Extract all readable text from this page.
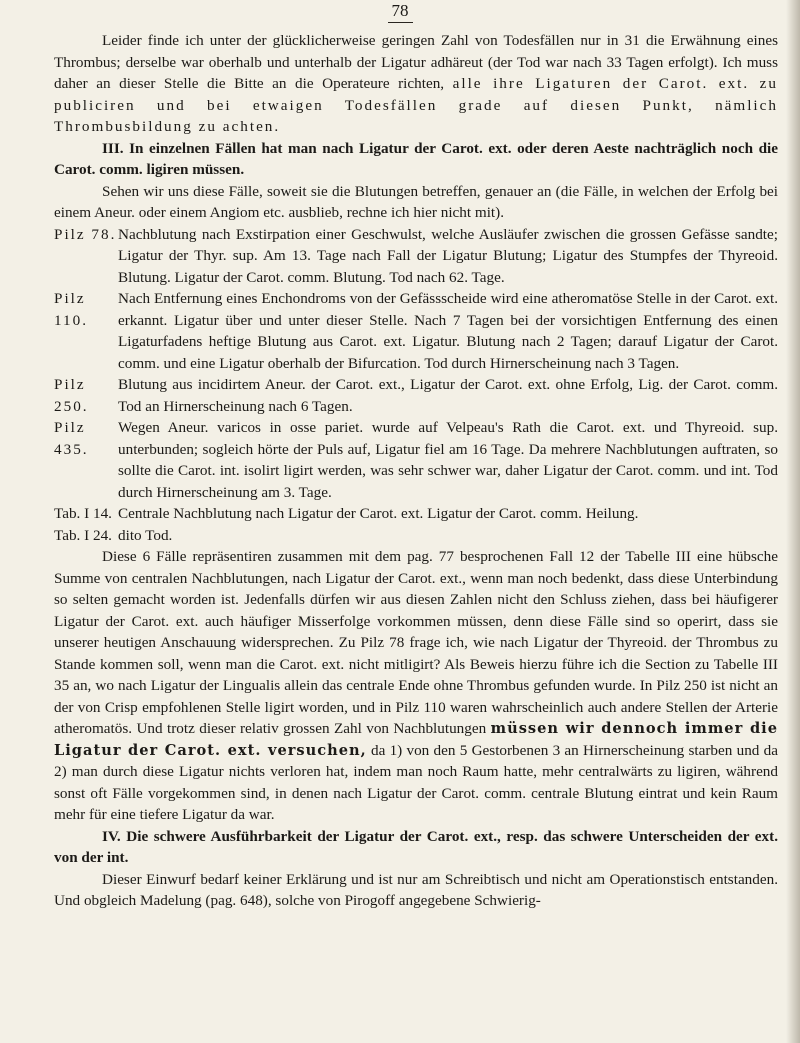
78

Leider finde ich unter der glücklicherweise geringen Zahl von Todesfällen nur in 31 die Erwähnung eines Thrombus; derselbe war oberhalb und unterhalb der Ligatur adhäreut (der Tod war nach 33 Tagen erfolgt). Ich muss daher an dieser Stelle die Bitte an die Operateure richten, alle ihre Ligaturen der Carot. ext. zu publiciren und bei etwaigen Todesfällen grade auf diesen Punkt, nämlich Thrombusbildung zu achten.

III. In einzelnen Fällen hat man nach Ligatur der Carot. ext. oder deren Aeste nachträglich noch die Carot. comm. ligiren müssen.

Sehen wir uns diese Fälle, soweit sie die Blutungen betreffen, genauer an (die Fälle, in welchen der Erfolg bei einem Aneur. oder einem Angiom etc. ausblieb, rechne ich hier nicht mit).

Pilz 78. Nachblutung nach Exstirpation einer Geschwulst, welche Ausläufer zwischen die grossen Gefässe sandte; Ligatur der Thyr. sup. Am 13. Tage nach Fall der Ligatur Blutung; Ligatur des Stumpfes der Thyreoid. Blutung. Ligatur der Carot. comm. Blutung. Tod nach 62. Tage.
Pilz 110.
Nach Entfernung eines Enchondroms von der Gefässscheide wird eine atheromatöse Stelle in der Carot. ext. erkannt. Ligatur über und unter dieser Stelle. Nach 7 Tagen bei der vorsichtigen Entfernung des einen Ligaturfadens heftige Blutung aus Carot. ext. Ligatur. Blutung nach 2 Tagen; darauf Ligatur der Carot. comm. und eine Ligatur oberhalb der Bifurcation. Tod durch Hirnerscheinung nach 3 Tagen.
Pilz 250.
Blutung aus incidirtem Aneur. der Carot. ext., Ligatur der Carot. ext. ohne Erfolg, Lig. der Carot. comm. Tod an Hirnerscheinung nach 6 Tagen.
Pilz 435.
Wegen Aneur. varicos in osse pariet. wurde auf Velpeau's Rath die Carot. ext. und Thyreoid. sup. unterbunden; sogleich hörte der Puls auf, Ligatur fiel am 16 Tage. Da mehrere Nachblutungen auftraten, so sollte die Carot. int. isolirt ligirt werden, was sehr schwer war, daher Ligatur der Carot. comm. und int. Tod durch Hirnerscheinung am 3. Tage.
Tab. I 14. Centrale Nachblutung nach Ligatur der Carot. ext. Ligatur der Carot. comm. Heilung.
Tab. I 24. dito Tod.

Diese 6 Fälle repräsentiren zusammen mit dem pag. 77 besprochenen Fall 12 der Tabelle III eine hübsche Summe von centralen Nachblutungen, nach Ligatur der Carot. ext., wenn man noch bedenkt, dass diese Unterbindung so selten gemacht worden ist. Jedenfalls dürfen wir aus diesen Zahlen nicht den Schluss ziehen, dass bei häufigerer Ligatur der Carot. ext. auch häufiger Misserfolge vorkommen müssen, denn diese Fälle sind so operirt, dass sie unserer heutigen Anschauung widersprechen. Zu Pilz 78 frage ich, wie nach Ligatur der Thyreoid. der Thrombus zu Stande kommen soll, wenn man die Carot. ext. nicht mitligirt? Als Beweis hierzu führe ich die Section zu Tabelle III 35 an, wo nach Ligatur der Lingualis allein das centrale Ende ohne Thrombus gefunden wurde. In Pilz 250 ist nicht an der von Crisp empfohlenen Stelle ligirt worden, und in Pilz 110 waren wahrscheinlich auch andere Stellen der Arterie atheromatös. Und trotz dieser relativ grossen Zahl von Nachblutungen müssen wir dennoch immer die Ligatur der Carot. ext. versuchen, da 1) von den 5 Gestorbenen 3 an Hirnerscheinung starben und da 2) man durch diese Ligatur nichts verloren hat, indem man noch Raum hatte, mehr centralwärts zu ligiren, während sonst oft Fälle vorgekommen sind, in denen nach Ligatur der Carot. comm. centrale Blutung eintrat und kein Raum mehr für eine tiefere Ligatur da war.

IV. Die schwere Ausführbarkeit der Ligatur der Carot. ext., resp. das schwere Unterscheiden der ext. von der int.

Dieser Einwurf bedarf keiner Erklärung und ist nur am Schreibtisch und nicht am Operationstisch entstanden. Und obgleich Madelung (pag. 648), solche von Pirogoff angegebene Schwierig-
